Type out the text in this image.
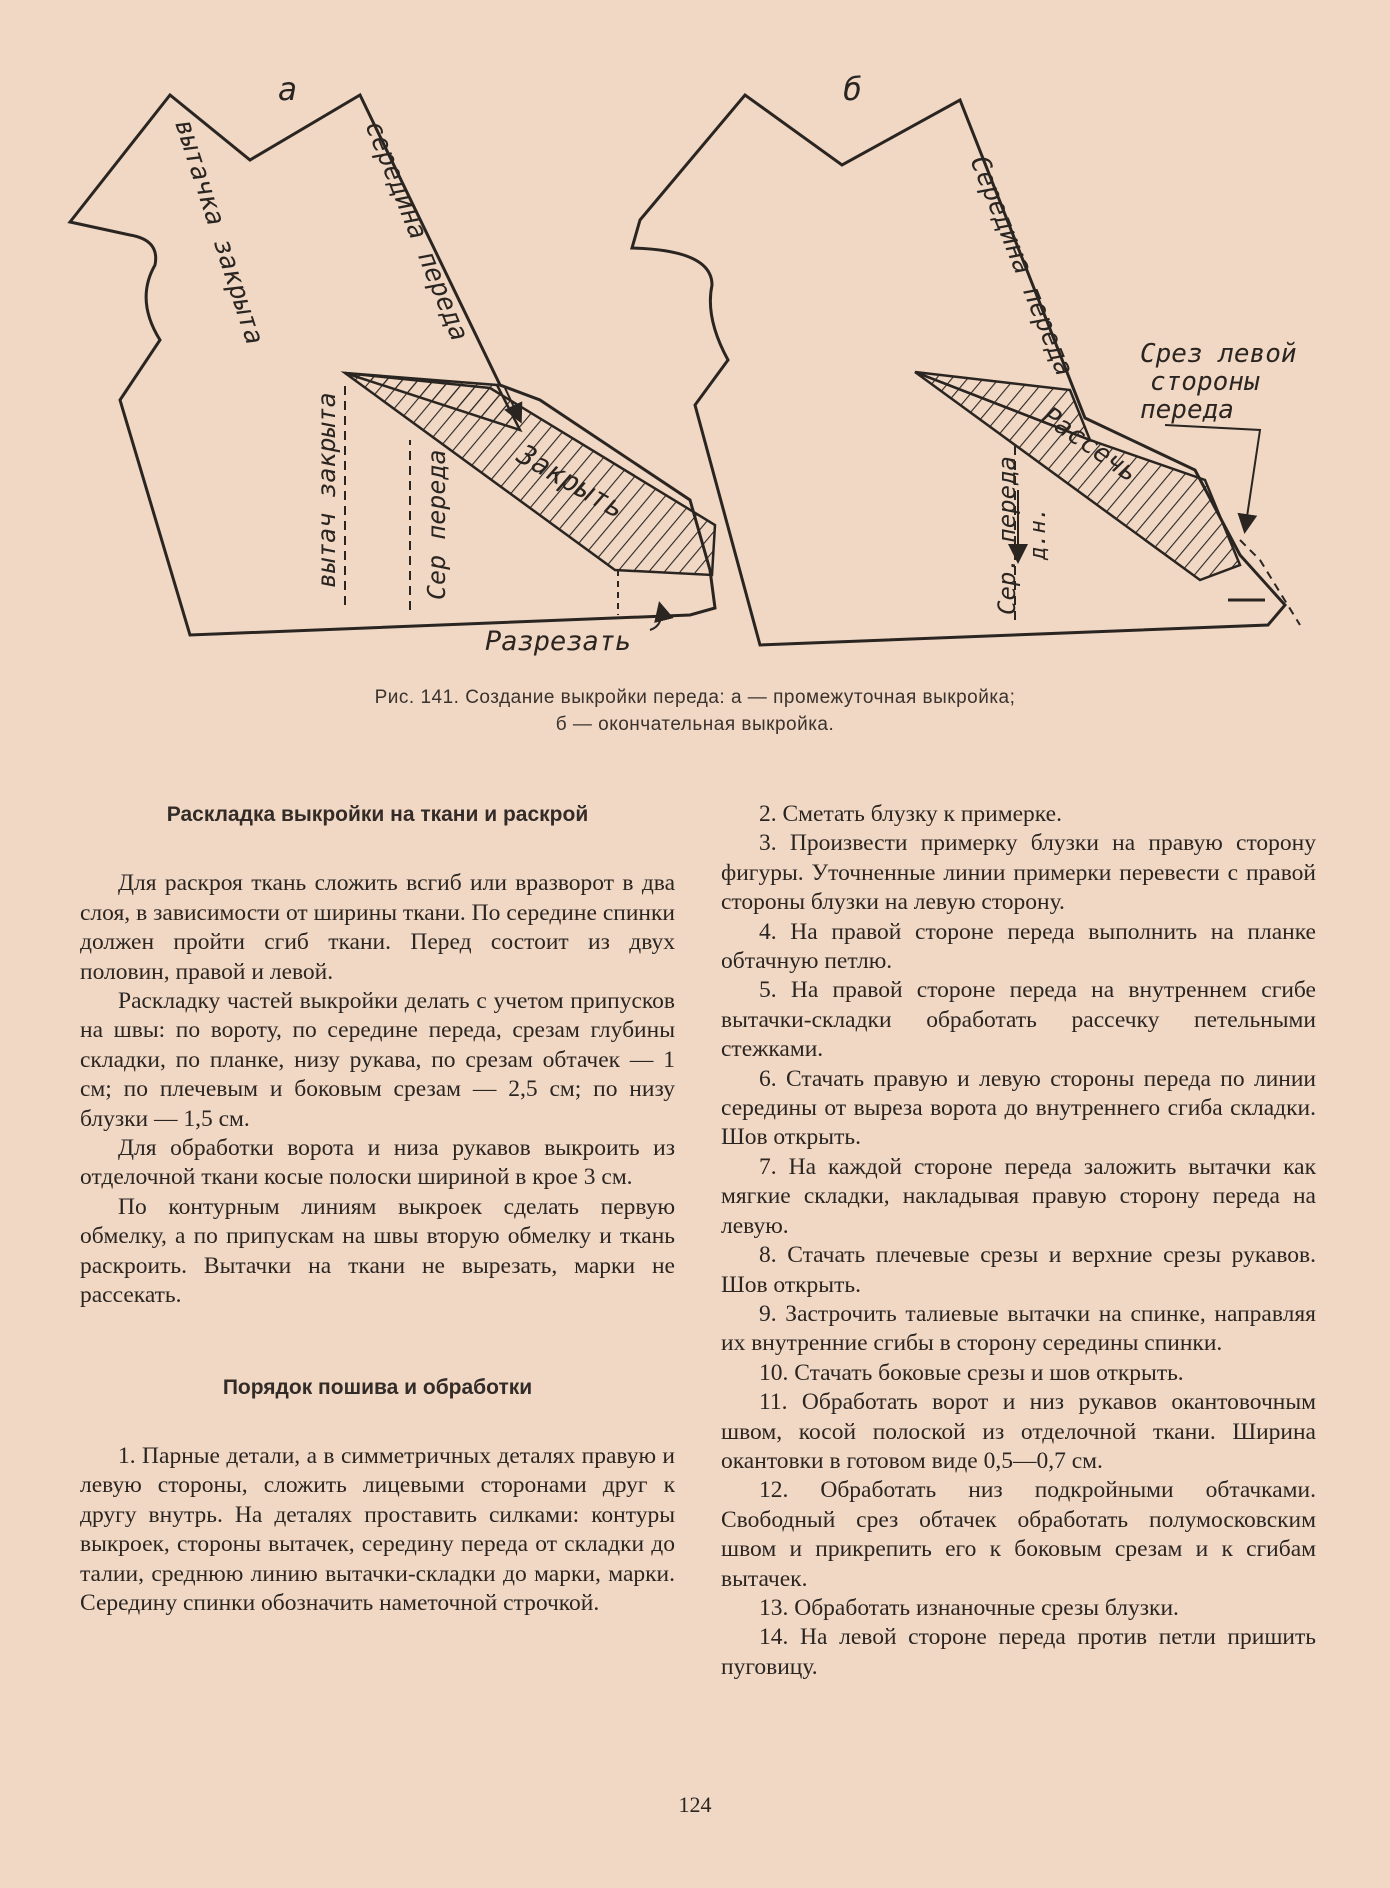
а
вытачка закрыта	середина переда
вытач закрыта	Сер переда Закрыть
Разрезать
б
Середина переда Срез левой
стороны
переда
Рассечь
Сер. переда д.н.
Рис. 141. Создание выкройки переда: а — промежуточная выкройка;
б — окончательная выкройка.
Раскладка выкройки на ткани и раскрой

Для раскроя ткань сложить всгиб или вразворот в два слоя, в зависимости от ширины ткани. По середине спинки должен пройти сгиб ткани. Перед состоит из двух половин, правой и левой.

Раскладку частей выкройки делать с учетом припусков на швы: по вороту, по середине переда, срезам глубины складки, по планке, низу рукава, по срезам обтачек — 1 см; по плечевым и боковым срезам — 2,5 см; по низу блузки — 1,5 см.

Для обработки ворота и низа рукавов выкроить из отделочной ткани косые полоски шириной в крое 3 см.

По контурным линиям выкроек сделать первую обмелку, а по припускам на швы вторую обмелку и ткань раскроить. Вытачки на ткани не вырезать, марки не рассекать.

Порядок пошива и обработки

1. Парные детали, а в симметричных деталях правую и левую стороны, сложить лицевыми сторонами друг к другу внутрь. На деталях проставить силками: контуры выкроек, стороны вытачек, середину переда от складки до талии, среднюю линию вытачки-складки до марки, марки. Середину спинки обозначить наметочной строчкой.

2. Сметать блузку к примерке.

3. Произвести примерку блузки на правую сторону фигуры. Уточненные линии примерки перевести с правой стороны блузки на левую сторону.

4. На правой стороне переда выполнить на планке обтачную петлю.

5. На правой стороне переда на внутреннем сгибе вытачки-складки обработать рассечку петельными стежками.

6. Стачать правую и левую стороны переда по линии середины от выреза ворота до внутреннего сгиба складки. Шов открыть.

7. На каждой стороне переда заложить вытачки как мягкие складки, накладывая правую сторону переда на левую.

8. Стачать плечевые срезы и верхние срезы рукавов. Шов открыть.

9. Застрочить талиевые вытачки на спинке, направляя их внутренние сгибы в сторону середины спинки.

10. Стачать боковые срезы и шов открыть.

11. Обработать ворот и низ рукавов окантовочным швом, косой полоской из отделочной ткани. Ширина окантовки в готовом виде 0,5—0,7 см.

12. Обработать низ подкройными обтачками. Свободный срез обтачек обработать полумосковским швом и прикрепить его к боковым срезам и к сгибам вытачек.

13. Обработать изнаночные срезы блузки.

14. На левой стороне переда против петли пришить пуговицу.

124
